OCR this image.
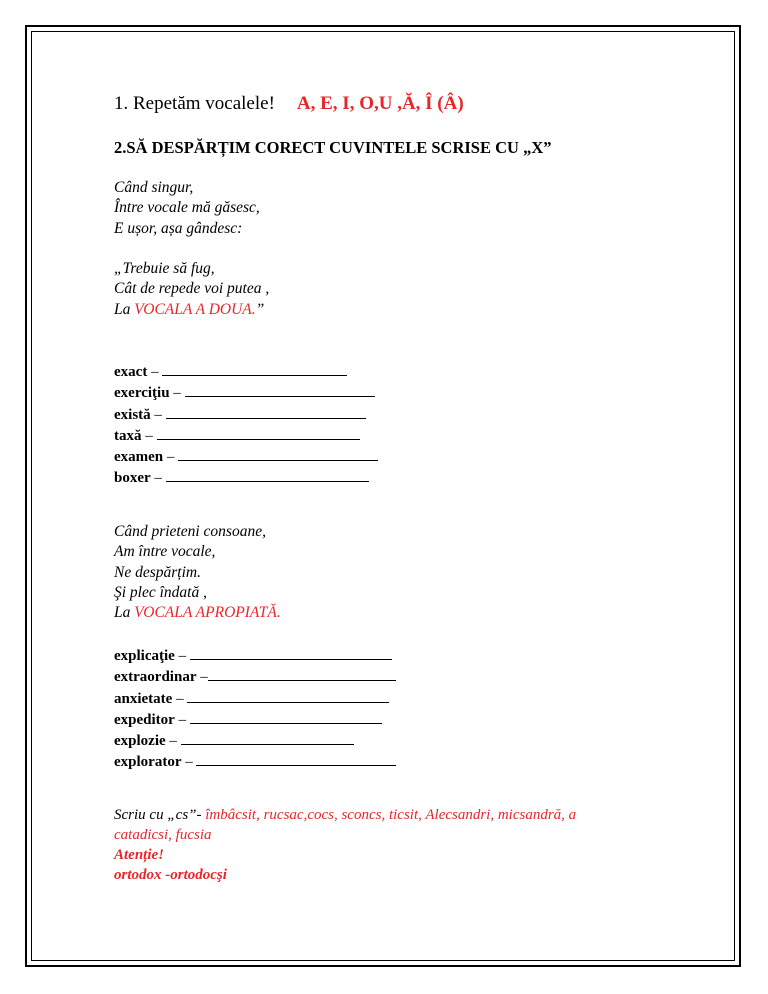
1. Repetăm vocalele! A, E, I, O,U ,Ă, Î (Â)
2.SĂ DESPĂRȚIM CORECT CUVINTELE SCRISE CU „X”
Când singur,
Între vocale mă găsesc,
E ușor, așa gândesc:
„Trebuie să fug,
Cât de repede voi putea ,
La VOCALA A DOUA.”
exact –
exerciţiu –
există –
taxă –
examen –
boxer –
Când prieteni consoane,
Am între vocale,
Ne despărțim.
Şi plec îndată ,
La VOCALA APROPIATĂ.
explicaţie –
extraordinar –
anxietate –
expeditor –
explozie –
explorator –
Scriu cu „cs”- îmbâcsit, rucsac,cocs, sconcs, ticsit, Alecsandri, micsandră, a
catadicsi, fucsia
Atenție!
ortodox -ortodocşi
